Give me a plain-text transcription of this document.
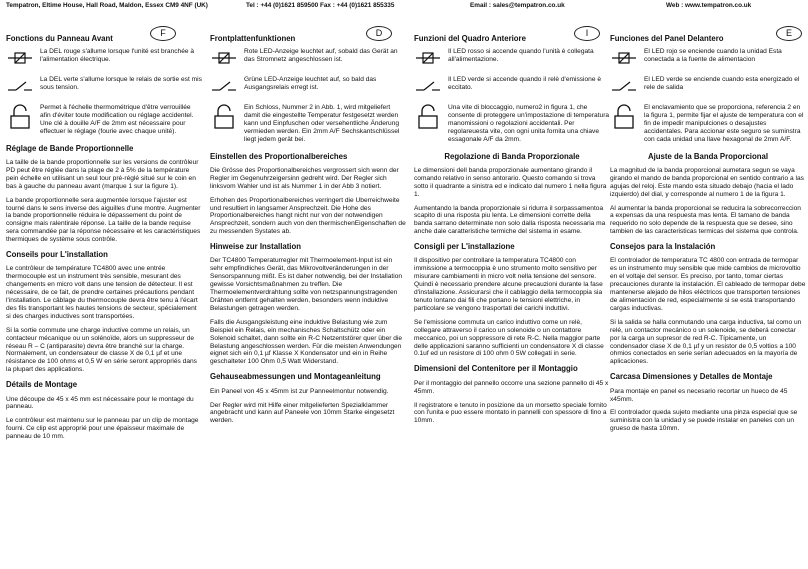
Tempatron, Eltime House, Hall Road, Maldon, Essex CM9 4NF (UK)	Tel : +44 (0)1621 859500 Fax : +44 (0)1621 855335	Email : sales@tempatron.co.uk	Web : www.tempatron.co.uk
Fonctions du Panneau Avant
F
La DEL rouge s'allume lorsque l'unité est branchée à l'alimentation électrique.
La DEL verte s'allume lorsque le relais de sortie est mis sous tension.
Permet à l'échelle thermométrique d'être verrouillée afin d'éviter toute modification ou réglage accidentel. Une clé à douille A/F de 2mm est nécessaire pour effectuer le réglage (fourie avec chaque unité).
Réglage de Bande Proportionnelle

La taille de la bande proportionnelle sur les versions de contrôleur PD peut être réglée dans la plage de 2 à 5% de la température pein échelle en utilisant un seul tour pré-réglé situé sur le coin en bas à gauche du panneau avant (marque 1 sur la figure 1).

La bande proportionnelle sera augmentée lorsque l'ajuster est tourné dans le sens inverse des aiguilles d'une montre. Augmenter la bande proportionnelle réduira le dépassement du point de consigne mais ralentirale réponse. La taille de la bande requise sera commandée par la réponse nécessaire et les caractéristiques thermiques de système sous contrôle.

Conseils pour L'installation

Le contrôleur de température TC4800 avec une entrée thermocouple est un instrument très sensible, mesurant des changements en micro volt dans une tension de détecteur. Il est nécessaire, de ce fait, de prendre certaines précautions pendant l'installation. Le câblage du thermocouple devra être tenu à l'écart des fils transportant les hautes tensions de secteur, spécialement si des charges inductives sont transportées.

Si la sortie commute une charge inductive comme un relais, un contacteur mécanique ou un solénoïde, alors un suppresseur de réseau R – C (antiparasite) devra être branché sur la charge. Normalement, un condensateur de classe X de 0,1 µf et une résistance de 100 ohms et 0,5 W en série seront appropriés dans la plupart des applications.

Détails de Montage

Une découpe de 45 x 45 mm est nécessaire pour le montage du panneau.

Le contrôleur est maintenu sur le panneau par un clip de montage fourni. Ce clip est approprié pour une épaisseur maximale de panneau de 10 mm.

Frontplattenfunktionen
D
Rote LED-Anzeige leuchtet auf, sobald das Gerät an das Stromnetz angeschlossen ist.
Grüne LED-Anzeige leuchtet auf, so bald das Ausgangsrelais erregt ist.
Ein Schloss, Nummer 2 in Abb. 1, wird mitgeliefert damit die eingestellte Temperatur festgesetzt werden kann und Einpfuschen oder versehentliche Änderung vermieden werden. Ein 2mm A/F Sechskantschlüssel liegt jedem gerät bei.
Einstellen des Proportionalbereiches

Die Grösse des Proportionalbereiches vergrossert sich wenn der Regler im Gegenuhrzeigersinn gedreht wird. Der Regler sich linksvom Wahler und ist als Nummer 1 in der Abb 3 notiert.

Erhohen des Proportionalbereiches verringert die Uberreichweite und resultiert in langsamer Ansprechzeit. Die Hohe des Proportionalbereiches hangt nicht nur von der notwendigen Ansprechzeit, sondern auch von den thermischenEigenschaften de zu messenden Systates ab.

Hinweise zur Installation

Der TC4800 Temperaturregler mit Thermoelement-Input ist ein sehr empfindliches Gerät, das Mikrovoltveränderungen in der Sensorspannung mißt. Es ist daher notwendig, bei der Installation gewisse Vorsichtsmaßnahmen zu treffen. Die Thermoelementverdrahtung sollte von netzspannungstragenden Drähten entfernt gehalten werden, besonders wenn induktive Belastungen getragen werden.

Falls die Ausgangsleistung eine induktive Belastung wie zum Beispiel ein Relais, ein mechanisches Schaltschütz oder ein Solenoid schaltet, dann sollte ein R-C Netzentstörer quer über die Belastung angeschlossen werden. Für die meisten Anwendungen eignet sich ein 0,1 µf Klasse X Kondensator und ein in Reihe geschalteter 100 Ohm 0,5 Watt Widerstand.

Gehauseabmessungen und Montageanleitung

Ein Paneel von 45 x 45mm ist zur Panneelmontur notwendig.

Der Regler wird mit Hilfe einer mitgelieferten Spezialklammer angebracht und kann auf Paneele von 10mm Starke eingesetzt werden.

Funzioni del Quadro Anteriore
I
Il LED rosso si accende quando l'unità è collegata all'alimentazione.
Il LED verde si accende quando il relè d'emissione è eccitato.
Una vite di bloccaggio, numero2 in figura 1, che consente di proteggere un'impostazione di temperatura manomissioni o regolazioni accidentali. Per regolareuesta vite, con ogni unita fornita una chiave essagonale A/F da 2mm.
Regolazione di Banda Proporzionale

Le dimensioni dell banda proporzionale aumentano girando il comando relativo in senso antorario. Questo comando si trova sotto il quadrante a sinistra ed e indicato dal numero 1 nella figura 1.

Aumentando la banda proporzionale si ridurra il sorpassamentoa scapito di una risposta piu lenta. Le dimensioni corrette della banda sarrano determinate non solo dalla risposta necessaria ma anche dale caratteristiche termiche del sistema in esame.

Consigli per L'installazione

Il dispositivo per controllare la temperatura TC4800 con immissione a termocoppia è uno strumento molto sensitivo per misurare cambiamenti in micro volt nella tensione del sensore. Quindi è necessario prendere alcune precauzioni durante la fase d'installazione. Assicurarsi che il cablaggio della termocoppia sia tenuto lontano dai fili che portano le tensioni elettriche, in particolare se vengono trasportati dei carichi induttivi.

Se l'emissione commuta un carico induttivo come un relè, collegare attraverso il carico un solenoide o un contattore meccanico, poi un soppressore di rete R-C. Nella maggior parte delle applicazioni saranno sufficienti un condensatore X di classe 0.1uf ed un resistore di 100 ohm 0 5W collegati in serie.

Dimensioni del Contenitore per il Montaggio

Per il montaggio del pannello occorre una sezione pannello di 45 x 45mm.

Il registratore e tenuto in posizione da un morsetto speciale fornito con l'unita e puo essere montato in pannelli con spessore di fino a 10mm.

Funciones del Panel Delantero
E
El LED rojo se enciende cuando la unidad Esta conectada a la fuente de alimentacion
El LED verde se enciende cuando esta energizado el rele de salida
El enclavamiento que se proporciona, referencia 2 en la figura 1, permite fijar el ajuste de temperatura con el fin de impedir manipulciones o desajustes accidentales. Para accionar este seguro se suminstra con cada unidad una llave hexagonal de 2mm A/F.
Ajuste de la Banda Proporcional

La magnitud de la banda proporcional aumetara segun se vaya girando el mando de banda proporcional en sentido contrario a las agujas del reloj. Este mando esta situado debajo (hacia el lado izquierdo) del dial, y corresponde al numero 1 de la figura 1.

Al aumentar la banda proporcional se reducira la sobrecorreccion a expensas da una respuesta mas lenta. El tamano de banda requerido no solo depende de la respuesta que se desee, sino tambien de las caracteristicas termicas del sistema que controla.

Consejos para la Instalación

El controlador de temperatura TC 4800 con entrada de termopar es un instrumento muy sensible que mide cambios de microvoltio en el voltaje del sensor. Es preciso, por tanto, tomar ciertas precauciones durante la instalación. El cableado de termopar debe mantenerse alejado de hilos eléctricos que transporten tensiones de alimentación de red, especialmente si se está transportando cargas inductivas.

Si la salida se halla conmutando una carga inductiva, tal como un relé, un contactor mecánico o un solenoide, se deberá conectar por la carga un supresor de red R-C. Típicamente, un condensador clase X de 0,1 µf y un resistor de 0,5 voltios a 100 ohmios conectados en serie serían adecuados en la mayoría de aplicaciones.

Carcasa Dimensiones y Detalles de Montaje

Para montaje en panel es necesario recortar un hueco de 45 x45mm.

El controlador queda sujeto mediante una pinza especial que se suministra con la unidad y se puede instalar en paneles con un grueso de hasta 10mm.
